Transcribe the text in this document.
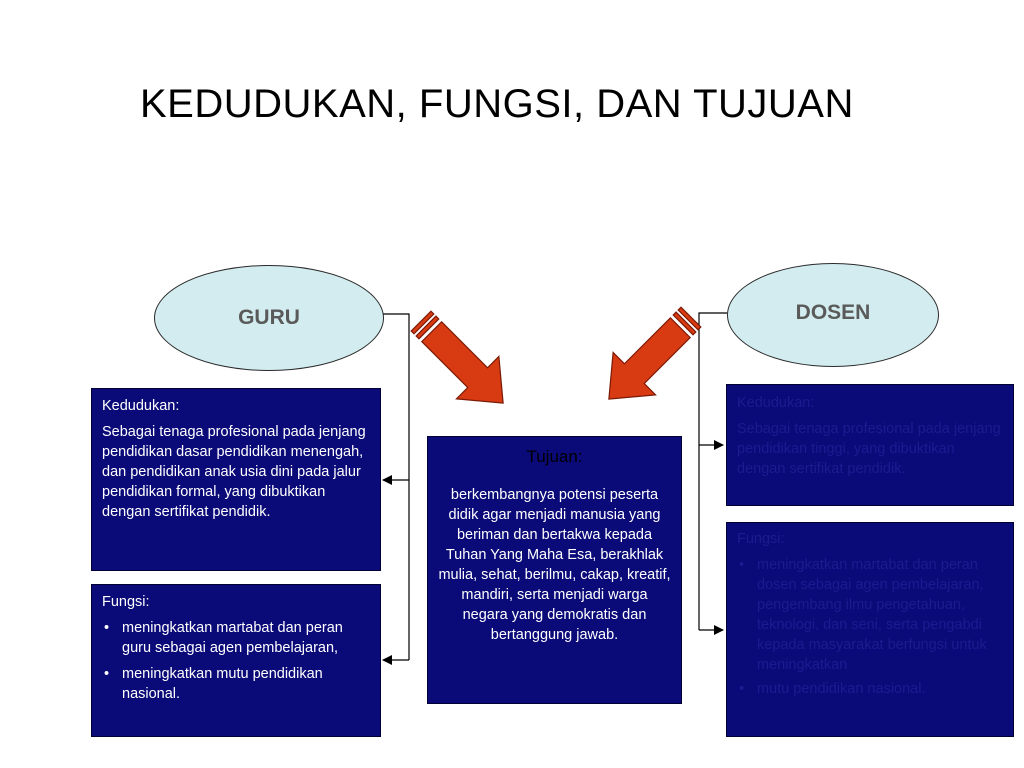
KEDUDUKAN, FUNGSI, DAN TUJUAN
GURU	DOSEN

Kedudukan:

Sebagai tenaga profesional pada jenjang pendidikan dasar pendidikan menengah, dan pendidikan anak usia dini pada jalur pendidikan formal, yang dibuktikan dengan sertifikat pendidik.

Fungsi:

• meningkatkan martabat dan peran guru sebagai agen pembelajaran,
• meningkatkan mutu pendidikan nasional.

Tujuan:

berkembangnya potensi peserta didik agar menjadi manusia yang beriman dan bertakwa kepada Tuhan Yang Maha Esa, berakhlak mulia, sehat, berilmu, cakap, kreatif, mandiri, serta menjadi warga negara yang demokratis dan bertanggung jawab.

Kedudukan:

Sebagai tenaga profesional pada jenjang pendidikan tinggi, yang dibuktikan dengan sertifikat pendidik.

Fungsi:

• meningkatkan martabat dan peran dosen sebagai agen pembelajaran, pengembang ilmu pengetahuan, teknologi, dan seni, serta pengabdi kepada masyarakat berfungsi untuk meningkatkan
• mutu pendidikan nasional.
